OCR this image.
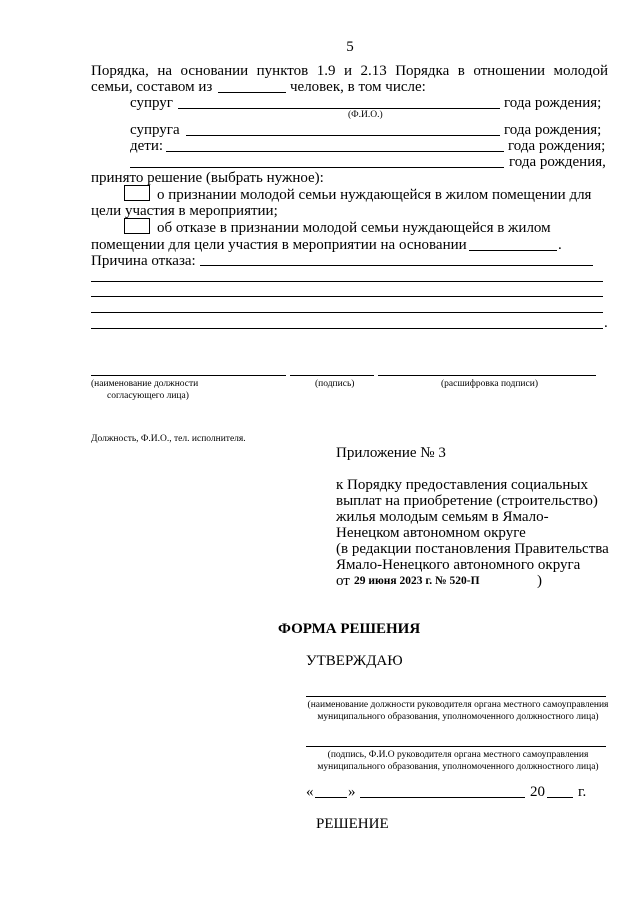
5
Порядка, на основании пунктов 1.9 и 2.13 Порядка в отношении молодой
семьи, составом из	человек, в том числе:
супруг	года рождения;
(Ф.И.О.)
супруга	года рождения;
дети:	года рождения;
года рождения,
принято решение (выбрать нужное):
о признании молодой семьи нуждающейся в жилом помещении для
цели участия в мероприятии;
об отказе в признании молодой семьи нуждающейся в жилом
помещении для цели участия в мероприятии на основании	.
Причина отказа:
.
(наименование должности
согласующего лица)
(подпись)	(расшифровка подписи)
Должность, Ф.И.О., тел. исполнителя.
Приложение № 3
к Порядку предоставления социальных
выплат на приобретение (строительство)
жилья молодым семьям в Ямало-
Ненецком автономном округе
(в редакции постановления Правительства
Ямало-Ненецкого автономного округа
от 29 июня 2023 г. № 520-П	)
ФОРМА РЕШЕНИЯ
УТВЕРЖДАЮ
(наименование должности руководителя органа местного самоуправления муниципального образования, уполномоченного должностного лица)
(подпись, Ф.И.О руководителя органа местного самоуправления муниципального образования, уполномоченного должностного лица)
« »	20 г.
РЕШЕНИЕ
